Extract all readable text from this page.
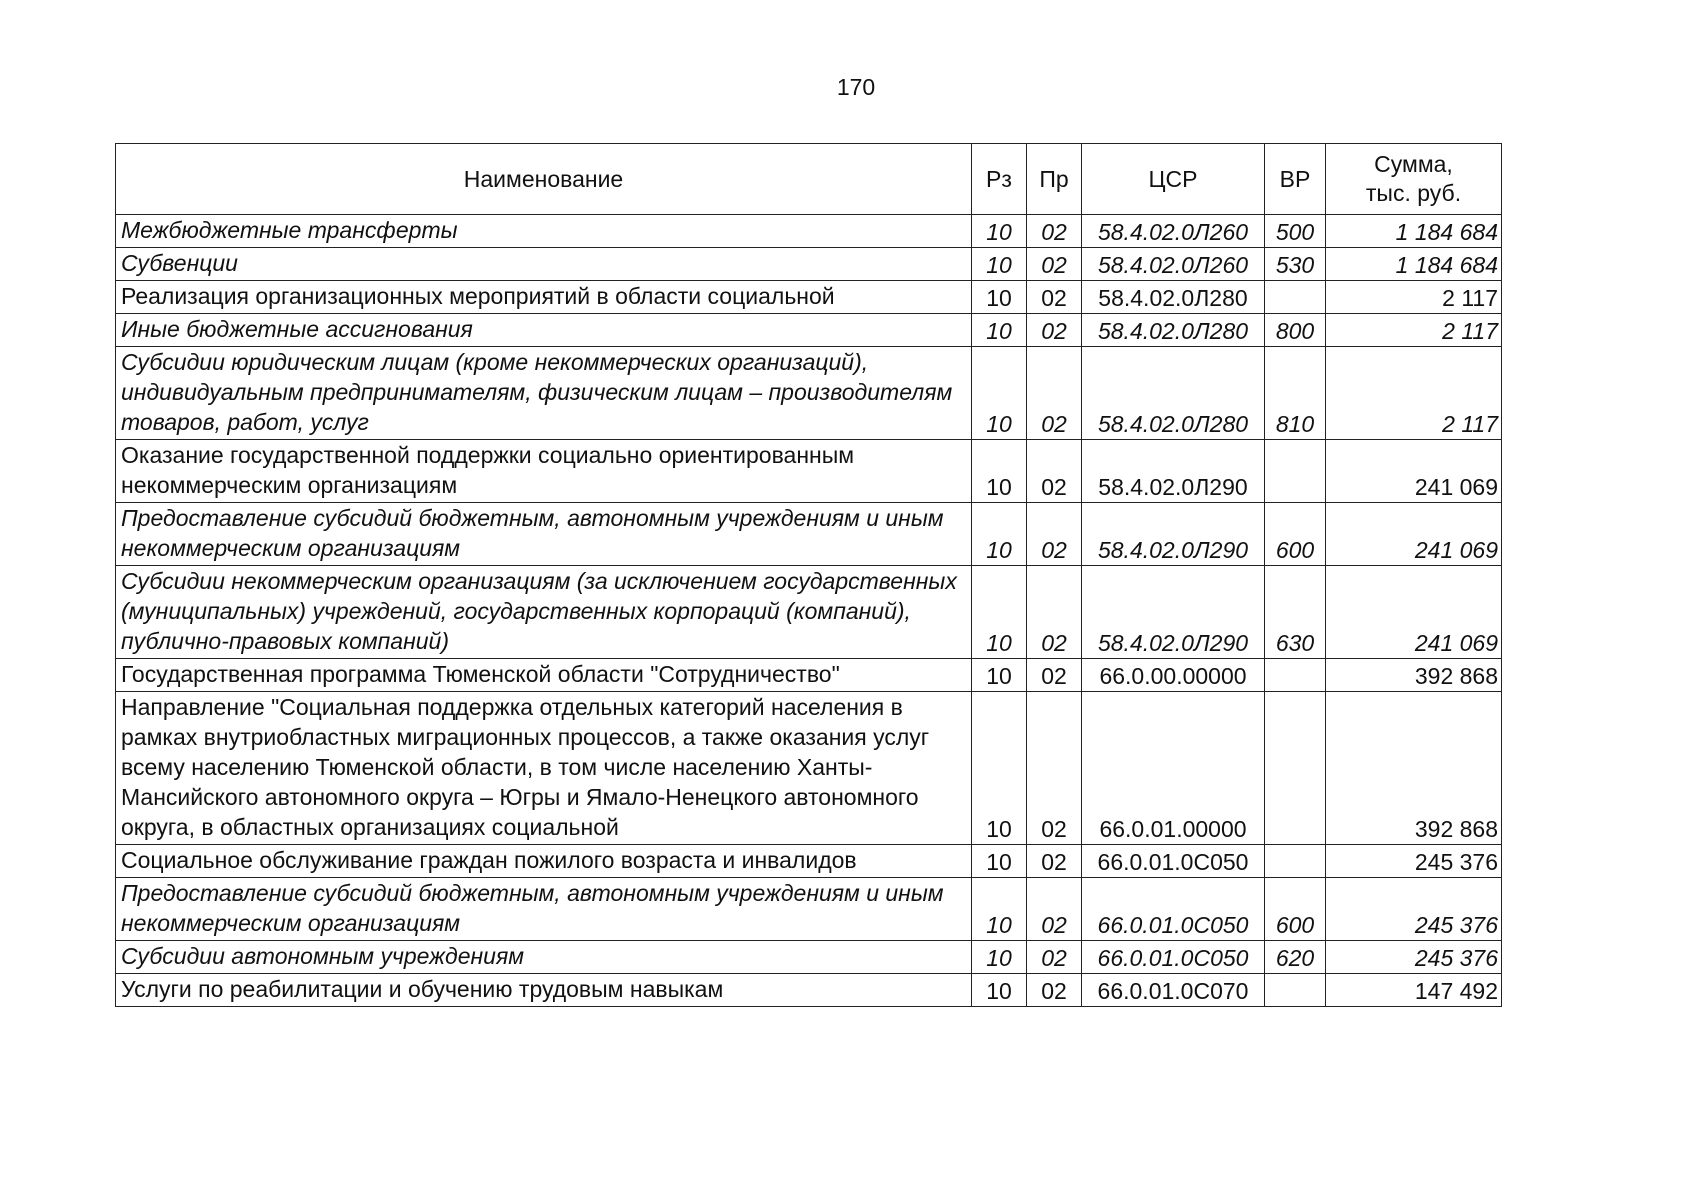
170
Наименование	Рз	Пр	ЦСР	ВР	Сумма,
тыс. руб.

Межбюджетные трансферты	10	02	58.4.02.0Л260	500	1 184 684
Субвенции	10	02	58.4.02.0Л260	530	1 184 684
Реализация организационных мероприятий в области социальной	10	02	58.4.02.0Л280		2 117
Иные бюджетные ассигнования	10	02	58.4.02.0Л280	800	2 117
Субсидии юридическим лицам (кроме некоммерческих организаций), индивидуальным предпринимателям, физическим лицам – производителям товаров, работ, услуг	10	02	58.4.02.0Л280	810	2 117
Оказание государственной поддержки социально ориентированным некоммерческим организациям	10	02	58.4.02.0Л290		241 069
Предоставление субсидий бюджетным, автономным учреждениям и иным некоммерческим организациям	10	02	58.4.02.0Л290	600	241 069
Субсидии некоммерческим организациям (за исключением государственных (муниципальных) учреждений, государственных корпораций (компаний), публично-правовых компаний)	10	02	58.4.02.0Л290	630	241 069
Государственная программа Тюменской области "Сотрудничество"	10	02	66.0.00.00000		392 868
Направление "Социальная поддержка отдельных категорий населения в рамках внутриобластных миграционных процессов, а также оказания услуг всему населению Тюменской области, в том числе населению Ханты-Мансийского автономного округа – Югры и Ямало-Ненецкого автономного округа, в областных организациях социальной	10	02	66.0.01.00000		392 868
Социальное обслуживание граждан пожилого возраста и инвалидов	10	02	66.0.01.0С050		245 376
Предоставление субсидий бюджетным, автономным учреждениям и иным некоммерческим организациям	10	02	66.0.01.0С050	600	245 376
Субсидии автономным учреждениям	10	02	66.0.01.0С050	620	245 376
Услуги по реабилитации и обучению трудовым навыкам	10	02	66.0.01.0С070		147 492
